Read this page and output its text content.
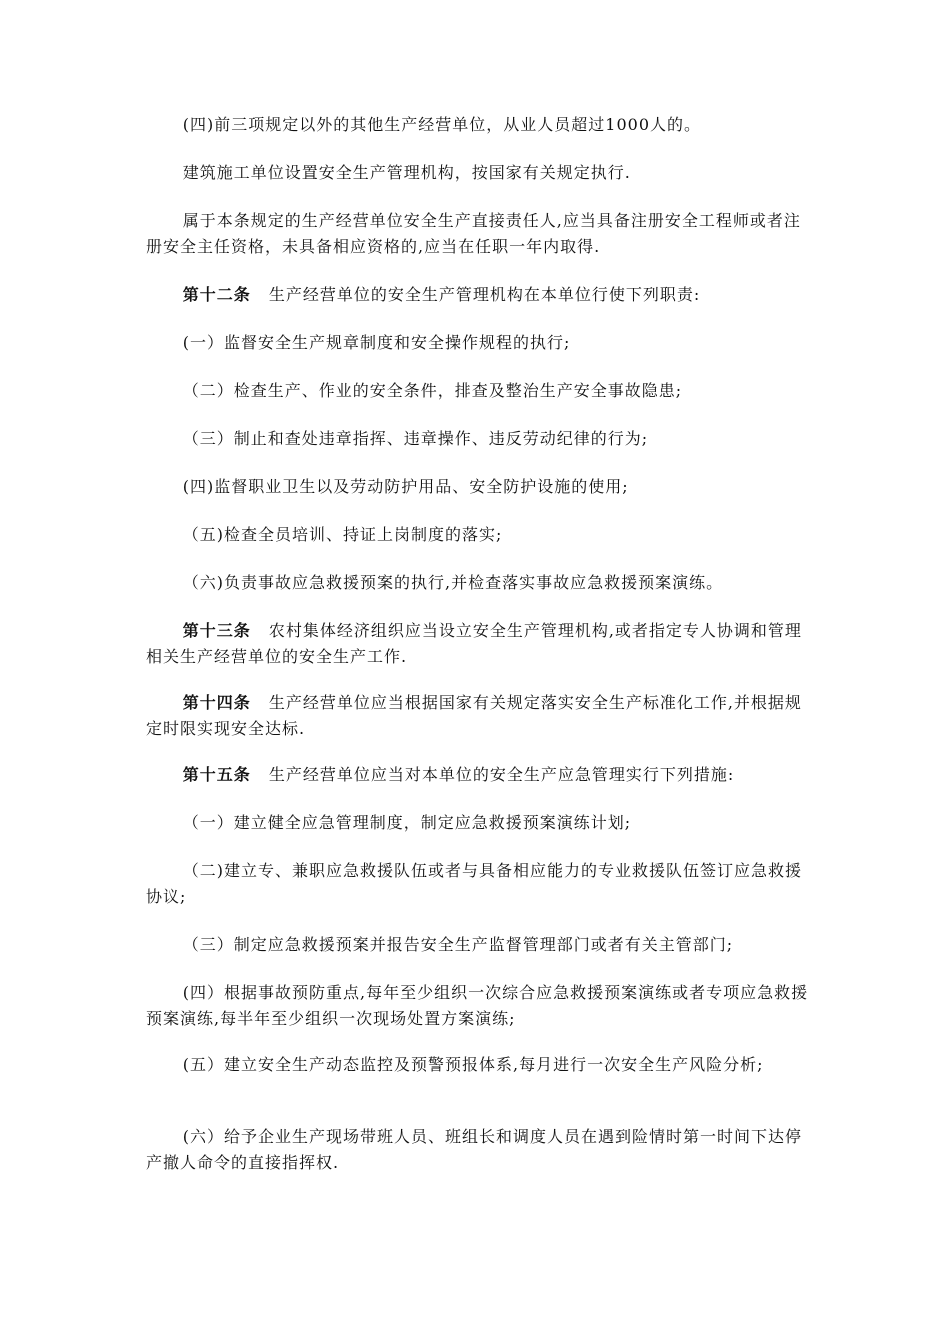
(四)前三项规定以外的其他生产经营单位，从业人员超过1000人的。

建筑施工单位设置安全生产管理机构，按国家有关规定执行.

属于本条规定的生产经营单位安全生产直接责任人,应当具备注册安全工程师或者注册安全主任资格，未具备相应资格的,应当在任职一年内取得.

第十二条 生产经营单位的安全生产管理机构在本单位行使下列职责:

(一）监督安全生产规章制度和安全操作规程的执行;

（二）检查生产、作业的安全条件，排查及整治生产安全事故隐患;

（三）制止和查处违章指挥、违章操作、违反劳动纪律的行为;

(四)监督职业卫生以及劳动防护用品、安全防护设施的使用;

（五)检查全员培训、持证上岗制度的落实;

（六)负责事故应急救援预案的执行,并检查落实事故应急救援预案演练。

第十三条 农村集体经济组织应当设立安全生产管理机构,或者指定专人协调和管理相关生产经营单位的安全生产工作.

第十四条 生产经营单位应当根据国家有关规定落实安全生产标准化工作,并根据规定时限实现安全达标.

第十五条 生产经营单位应当对本单位的安全生产应急管理实行下列措施:

（一）建立健全应急管理制度，制定应急救援预案演练计划;

（二)建立专、兼职应急救援队伍或者与具备相应能力的专业救援队伍签订应急救援协议;

（三）制定应急救援预案并报告安全生产监督管理部门或者有关主管部门;

(四）根据事故预防重点,每年至少组织一次综合应急救援预案演练或者专项应急救援预案演练,每半年至少组织一次现场处置方案演练;

(五）建立安全生产动态监控及预警预报体系,每月进行一次安全生产风险分析;

(六）给予企业生产现场带班人员、班组长和调度人员在遇到险情时第一时间下达停产撤人命令的直接指挥权.
